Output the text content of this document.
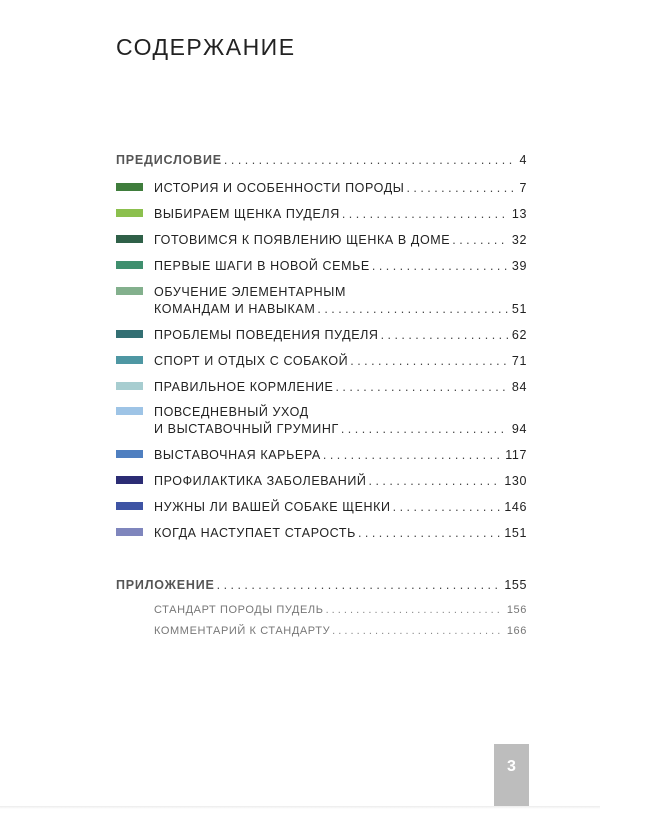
СОДЕРЖАНИЕ
ПРЕДИСЛОВИЕ . . .	4
ИСТОРИЯ И ОСОБЕННОСТИ ПОРОДЫ . . .	7
ВЫБИРАЕМ ЩЕНКА ПУДЕЛЯ . . .	13
ГОТОВИМСЯ К ПОЯВЛЕНИЮ ЩЕНКА В ДОМЕ . . .	32
ПЕРВЫЕ ШАГИ В НОВОЙ СЕМЬЕ . . .	39
ОБУЧЕНИЕ ЭЛЕМЕНТАРНЫМ
КОМАНДАМ И НАВЫКАМ . . .	51
ПРОБЛЕМЫ ПОВЕДЕНИЯ ПУДЕЛЯ . . .	62
СПОРТ И ОТДЫХ С СОБАКОЙ . . .	71
ПРАВИЛЬНОЕ КОРМЛЕНИЕ . . .	84
ПОВСЕДНЕВНЫЙ УХОД
И ВЫСТАВОЧНЫЙ ГРУМИНГ . . .	94
ВЫСТАВОЧНАЯ КАРЬЕРА . . .	117
ПРОФИЛАКТИКА ЗАБОЛЕВАНИЙ . . .	130
НУЖНЫ ЛИ ВАШЕЙ СОБАКЕ ЩЕНКИ . . .	146
КОГДА НАСТУПАЕТ СТАРОСТЬ . . .	151
ПРИЛОЖЕНИЕ . . .	155
СТАНДАРТ ПОРОДЫ ПУДЕЛЬ . . .	156
КОММЕНТАРИЙ К СТАНДАРТУ . . .	166
3
